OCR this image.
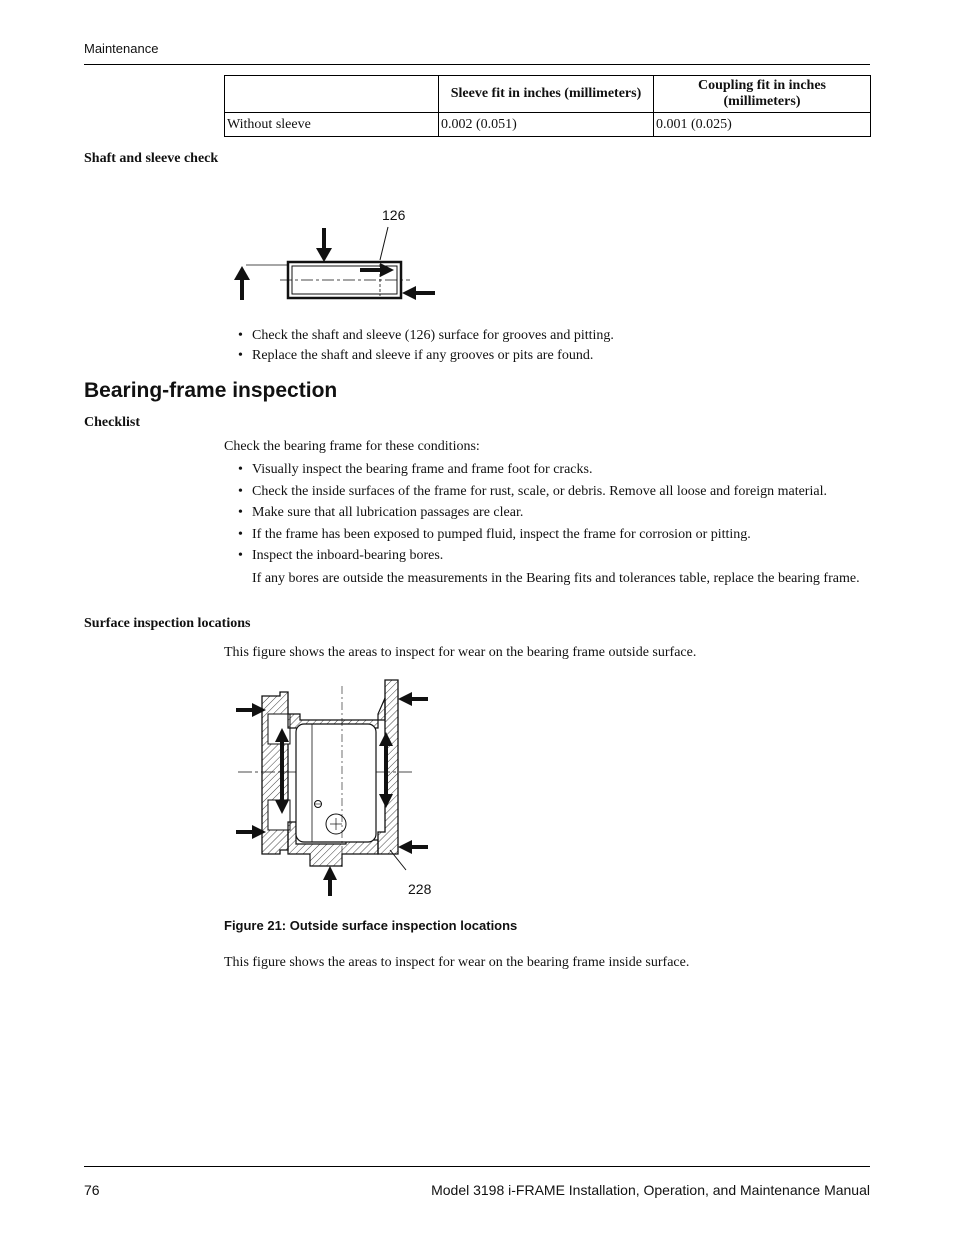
Maintenance
	Sleeve fit in inches (millimeters)	Coupling fit in inches (millimeters)
Without sleeve	0.002 (0.051)	0.001 (0.025)
Shaft and sleeve check
126
• Check the shaft and sleeve (126) surface for grooves and pitting.
• Replace the shaft and sleeve if any grooves or pits are found.
Bearing-frame inspection
Checklist
Check the bearing frame for these conditions:
• Visually inspect the bearing frame and frame foot for cracks.
• Check the inside surfaces of the frame for rust, scale, or debris. Remove all loose and foreign material.
• Make sure that all lubrication passages are clear.
• If the frame has been exposed to pumped fluid, inspect the frame for corrosion or pitting.
• Inspect the inboard-bearing bores.
If any bores are outside the measurements in the Bearing fits and tolerances table, replace the bearing frame.
Surface inspection locations
This figure shows the areas to inspect for wear on the bearing frame outside surface.
228
Figure 21: Outside surface inspection locations
This figure shows the areas to inspect for wear on the bearing frame inside surface.
76	Model 3198 i-FRAME Installation, Operation, and Maintenance Manual
